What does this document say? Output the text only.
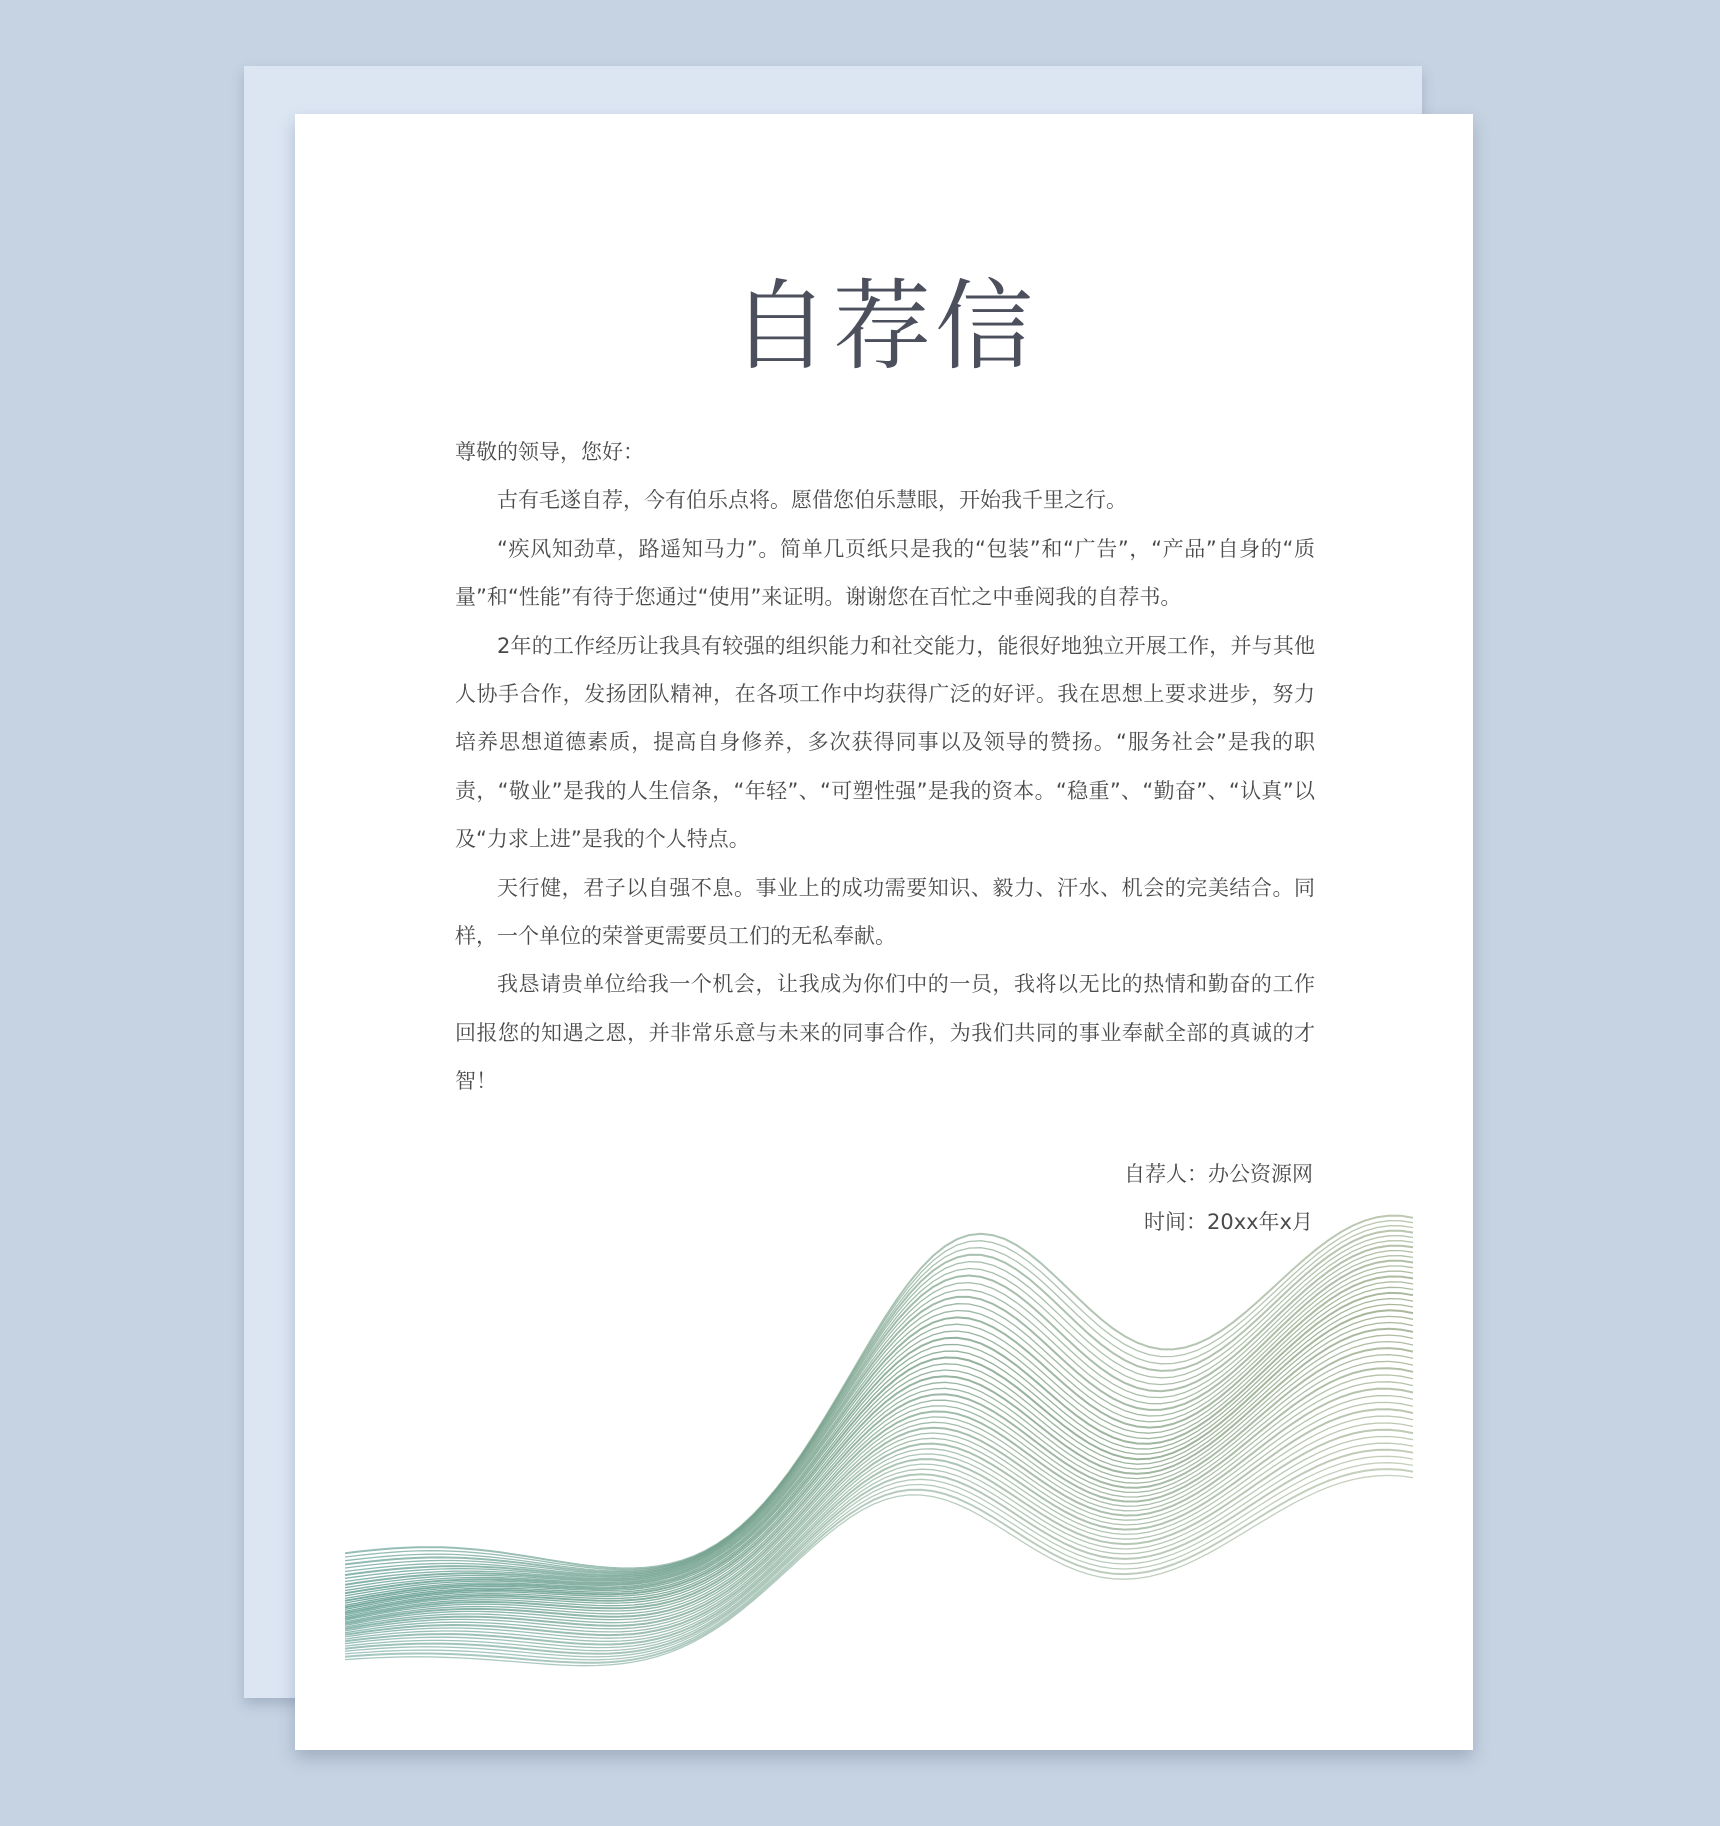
自荐信

尊敬的领导，您好：

古有毛遂自荐，今有伯乐点将。愿借您伯乐慧眼，开始我千里之行。

“疾风知劲草，路遥知马力”。简单几页纸只是我的“包装”和“广告”，“产品”自身的“质量”和“性能”有待于您通过“使用”来证明。谢谢您在百忙之中垂阅我的自荐书。

2年的工作经历让我具有较强的组织能力和社交能力，能很好地独立开展工作，并与其他人协手合作，发扬团队精神，在各项工作中均获得广泛的好评。我在思想上要求进步，努力培养思想道德素质，提高自身修养，多次获得同事以及领导的赞扬。“服务社会”是我的职责，“敬业”是我的人生信条，“年轻”、“可塑性强”是我的资本。“稳重”、“勤奋”、“认真”以及“力求上进”是我的个人特点。

天行健，君子以自强不息。事业上的成功需要知识、毅力、汗水、机会的完美结合。同样，一个单位的荣誉更需要员工们的无私奉献。

我恳请贵单位给我一个机会，让我成为你们中的一员，我将以无比的热情和勤奋的工作回报您的知遇之恩，并非常乐意与未来的同事合作，为我们共同的事业奉献全部的真诚的才智！

自荐人：办公资源网
时间：20xx年x月
